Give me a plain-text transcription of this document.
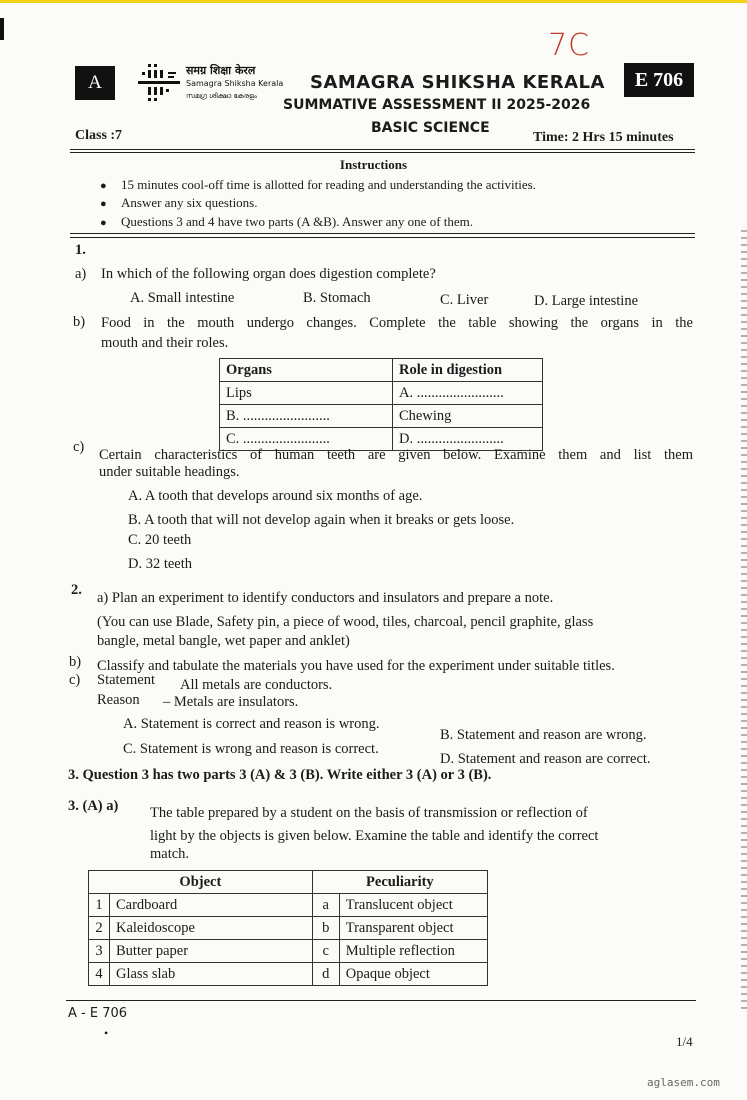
7C
A
समग्र शिक्षा केरल
Samagra Shiksha Kerala
സമഗ്ര ശിക്ഷാ കേരളം
SAMAGRA SHIKSHA KERALA	E 706
SUMMATIVE ASSESSMENT II 2025-2026
BASIC SCIENCE
Class :7	Time: 2 Hrs 15 minutes
Instructions
● 15 minutes cool-off time is allotted for reading and understanding the activities.
● Answer any six questions.
● Questions 3 and 4 have two parts (A &B). Answer any one of them.
1.
a) In which of the following organ does digestion complete?
A. Small intestine	B. Stomach	C. Liver	D. Large intestine
b) Food in the mouth undergo changes. Complete the table showing the organs in the
mouth and their roles.
Organs	Role in digestion
Lips	A. ........................
B. ........................	Chewing
C. ........................	D. ........................
c) Certain characteristics of human teeth are given below. Examine them and list them
under suitable headings.
A. A tooth that develops around six months of age.
B. A tooth that will not develop again when it breaks or gets loose.
C. 20 teeth
D. 32 teeth
2. a) Plan an experiment to identify conductors and insulators and prepare a note.
(You can use Blade, Safety pin, a piece of wood, tiles, charcoal, pencil graphite, glass
bangle, metal bangle, wet paper and anklet)
b) Classify and tabulate the materials you have used for the experiment under suitable titles.
c) Statement All metals are conductors.
Reason – Metals are insulators.
A. Statement is correct and reason is wrong.
B. Statement and reason are wrong.
C. Statement is wrong and reason is correct.
D. Statement and reason are correct.
3. Question 3 has two parts 3 (A) & 3 (B). Write either 3 (A) or 3 (B).
3. (A) a) The table prepared by a student on the basis of transmission or reflection of
light by the objects is given below. Examine the table and identify the correct
match.
Object		Peculiarity	
1	Cardboard	a	Translucent object
2	Kaleidoscope	b	Transparent object
3	Butter paper	c	Multiple reflection
4	Glass slab	d	Opaque object
A - E 706
•
1/4
aglasem.com
